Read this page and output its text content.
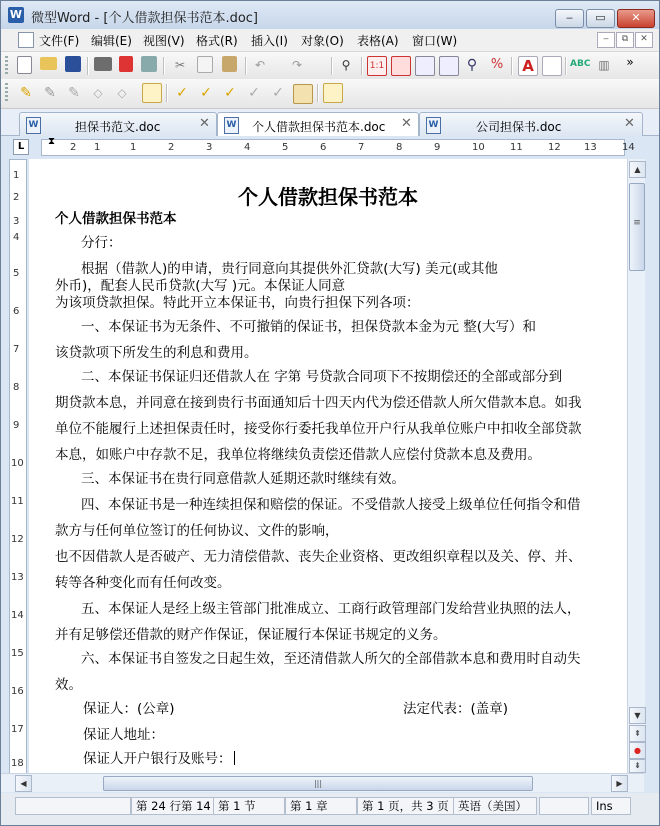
W 微型Word - [个人借款担保书范本.doc]	‒	▭	✕
文件(F) 编辑(E) 视图(V) 格式(R) 插入(I) 对象(O) 表格(A) 窗口(W)	‒	⧉	✕
✂	↶	↷	⚲	1:1	⚲ % A	ABC ▥	»
✎ ✎ ✎	◇	◇	✓ ✓ ✓ ✓ ✓
W	担保书范文.doc	✕ W 个人借款担保书范本.doc ✕ W	公司担保书.doc	✕
L	⧗
2 1	1	2	3	4	5	6	7	8	9	10	11	12 13	14
1
2
3
4
5
6
7
8
9
10
11
12
13
14
15
16
17
18
个人借款担保书范本
个人借款担保书范本
分行：
根据（借款人)的申请，贵行同意向其提供外汇贷款(大写) 美元(或其他
外币)，配套人民币贷款(大写 )元。本保证人同意
为该项贷款担保。特此开立本保证书，向贵行担保下列各项：
一、本保证书为无条件、不可撤销的保证书，担保贷款本金为元 整(大写）和
该贷款项下所发生的利息和费用。
二、本保证书保证归还借款人在 字第 号贷款合同项下不按期偿还的全部或部分到
期贷款本息，并同意在接到贵行书面通知后十四天内代为偿还借款人所欠借款本息。如我
单位不能履行上述担保责任时，接受你行委托我单位开户行从我单位账户中扣收全部贷款
本息，如账户中存款不足，我单位将继续负责偿还借款人应偿付贷款本息及费用。
三、本保证书在贵行同意借款人延期还款时继续有效。
四、本保证书是一种连续担保和赔偿的保证。不受借款人接受上级单位任何指令和借
款方与任何单位签订的任何协议、文件的影响，
也不因借款人是否破产、无力清偿借款、丧失企业资格、更改组织章程以及关、停、并、
转等各种变化而有任何改变。
五、本保证人是经上级主管部门批准成立、工商行政管理部门发给营业执照的法人，
并有足够偿还借款的财产作保证，保证履行本保证书规定的义务。
六、本保证书自签发之日起生效，至还清借款人所欠的全部借款本息和费用时自动失
效。
保证人：(公章)	法定代表：(盖章)
保证人地址：
保证人开户银行及账号：
▲
≡
▼
⇞
●
⇟
◀	|||	▶
第 24 行第 14 第 1 节	第 1 章	第 1 页，共 3 页 英语（美国）	Ins
